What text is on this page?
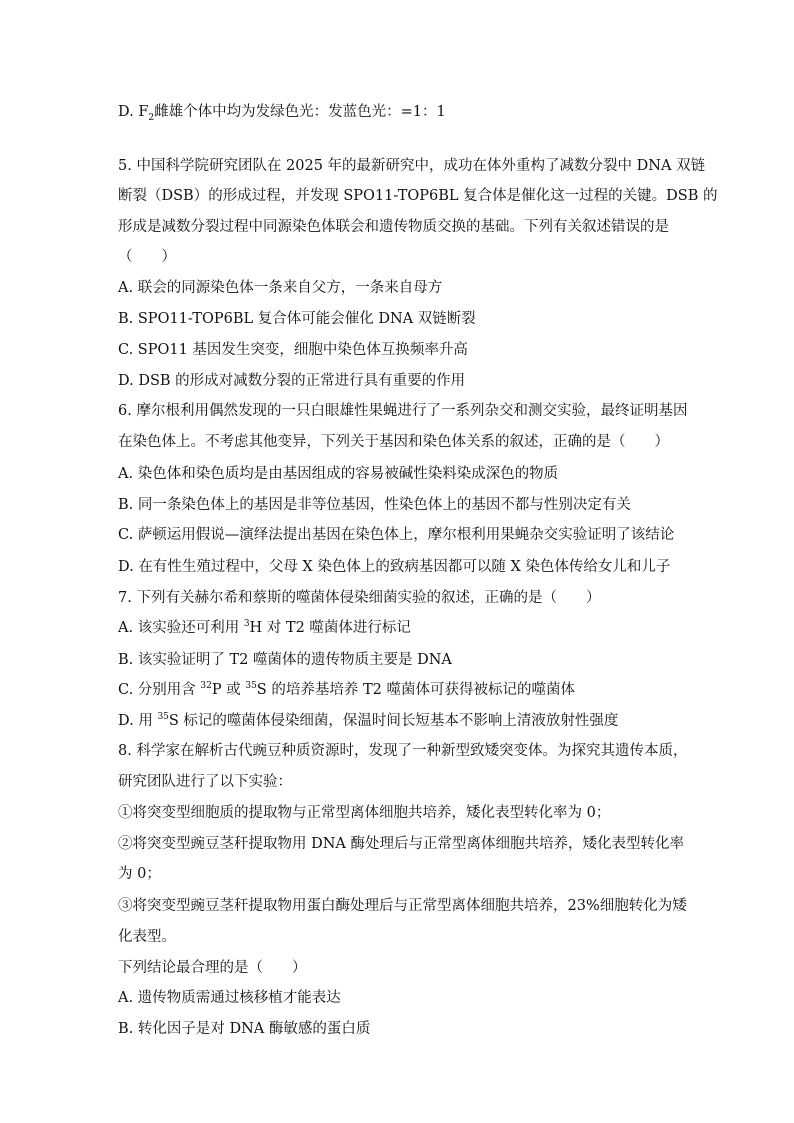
D. $F_2$雌雄个体中均为发绿色光：发蓝色光：=1：1
5. 中国科学院研究团队在 2025 年的最新研究中，成功在体外重构了减数分裂中 DNA 双链
断裂（DSB）的形成过程，并发现 SPO11-TOP6BL 复合体是催化这一过程的关键。DSB 的
形成是减数分裂过程中同源染色体联会和遗传物质交换的基础。下列有关叙述错误的是
（　　）
A. 联会的同源染色体一条来自父方，一条来自母方
B. SPO11-TOP6BL 复合体可能会催化 DNA 双链断裂
C. SPO11 基因发生突变，细胞中染色体互换频率升高
D. DSB 的形成对减数分裂的正常进行具有重要的作用
6. 摩尔根利用偶然发现的一只白眼雄性果蝇进行了一系列杂交和测交实验，最终证明基因
在染色体上。不考虑其他变异，下列关于基因和染色体关系的叙述，正确的是（　　）
A. 染色体和染色质均是由基因组成的容易被碱性染料染成深色的物质
B. 同一条染色体上的基因是非等位基因，性染色体上的基因不都与性别决定有关
C. 萨顿运用假说—演绎法提出基因在染色体上，摩尔根利用果蝇杂交实验证明了该结论
D. 在有性生殖过程中，父母 X 染色体上的致病基因都可以随 X 染色体传给女儿和儿子
7. 下列有关赫尔希和蔡斯的噬菌体侵染细菌实验的叙述，正确的是（　　）
A. 该实验还可利用 $^3$H 对 T2 噬菌体进行标记
B. 该实验证明了 T2 噬菌体的遗传物质主要是 DNA
C. 分别用含 $^{32}$P 或 $^{35}$S 的培养基培养 T2 噬菌体可获得被标记的噬菌体
D. 用 $^{35}$S 标记的噬菌体侵染细菌，保温时间长短基本不影响上清液放射性强度
8. 科学家在解析古代豌豆种质资源时，发现了一种新型致矮突变体。为探究其遗传本质，
研究团队进行了以下实验：
①将突变型细胞质的提取物与正常型离体细胞共培养，矮化表型转化率为 0；
②将突变型豌豆茎秆提取物用 DNA 酶处理后与正常型离体细胞共培养，矮化表型转化率
为 0；
③将突变型豌豆茎秆提取物用蛋白酶处理后与正常型离体细胞共培养，23%细胞转化为矮
化表型。
下列结论最合理的是（　　）
A. 遗传物质需通过核移植才能表达
B. 转化因子是对 DNA 酶敏感的蛋白质
